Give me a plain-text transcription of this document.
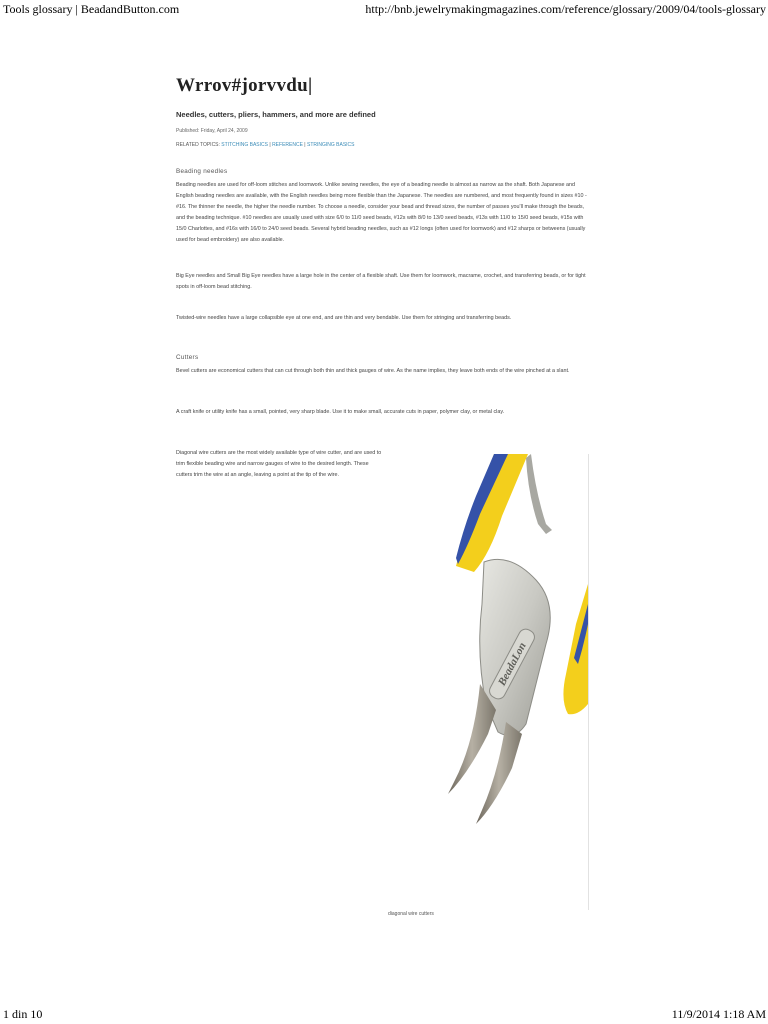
Tools glossary | BeadandButton.com	http://bnb.jewelrymakingmagazines.com/reference/glossary/2009/04/tools-glossary
Wrrov#jorvvdu|
Needles, cutters, pliers, hammers, and more are defined
Published: Friday, April 24, 2009
RELATED TOPICS: STITCHING BASICS | REFERENCE | STRINGING BASICS
Beading needles
Beading needles are used for off-loom stitches and loomwork. Unlike sewing needles, the eye of a beading needle is almost as narrow as the shaft. Both Japanese and English beading needles are available, with the English needles being more flexible than the Japanese. The needles are numbered, and most frequently found in sizes #10 - #16. The thinner the needle, the higher the needle number. To choose a needle, consider your bead and thread sizes, the number of passes you'll make through the beads, and the beading technique. #10 needles are usually used with size 6/0 to 11/0 seed beads, #12s with 8/0 to 13/0 seed beads, #13s with 11/0 to 15/0 seed beads, #15s with 15/0 Charlottes, and #16s with 16/0 to 24/0 seed beads. Several hybrid beading needles, such as #12 longs (often used for loomwork) and #12 sharps or betweens (usually used for bead embroidery) are also available.
Big Eye needles and Small Big Eye needles have a large hole in the center of a flexible shaft. Use them for loomwork, macrame, crochet, and transferring beads, or for tight spots in off-loom bead stitching.
Twisted-wire needles have a large collapsible eye at one end, and are thin and very bendable. Use them for stringing and transferring beads.
Cutters
Bevel cutters are economical cutters that can cut through both thin and thick gauges of wire. As the name implies, they leave both ends of the wire pinched at a slant.
A craft knife or utility knife has a small, pointed, very sharp blade. Use it to make small, accurate cuts in paper, polymer clay, or metal clay.
Diagonal wire cutters are the most widely available type of wire cutter, and are used to trim flexible beading wire and narrow gauges of wire to the desired length. These cutters trim the wire at an angle, leaving a point at the tip of the wire.
BeadaLon
diagonal wire cutters
1 din 10	11/9/2014 1:18 AM
